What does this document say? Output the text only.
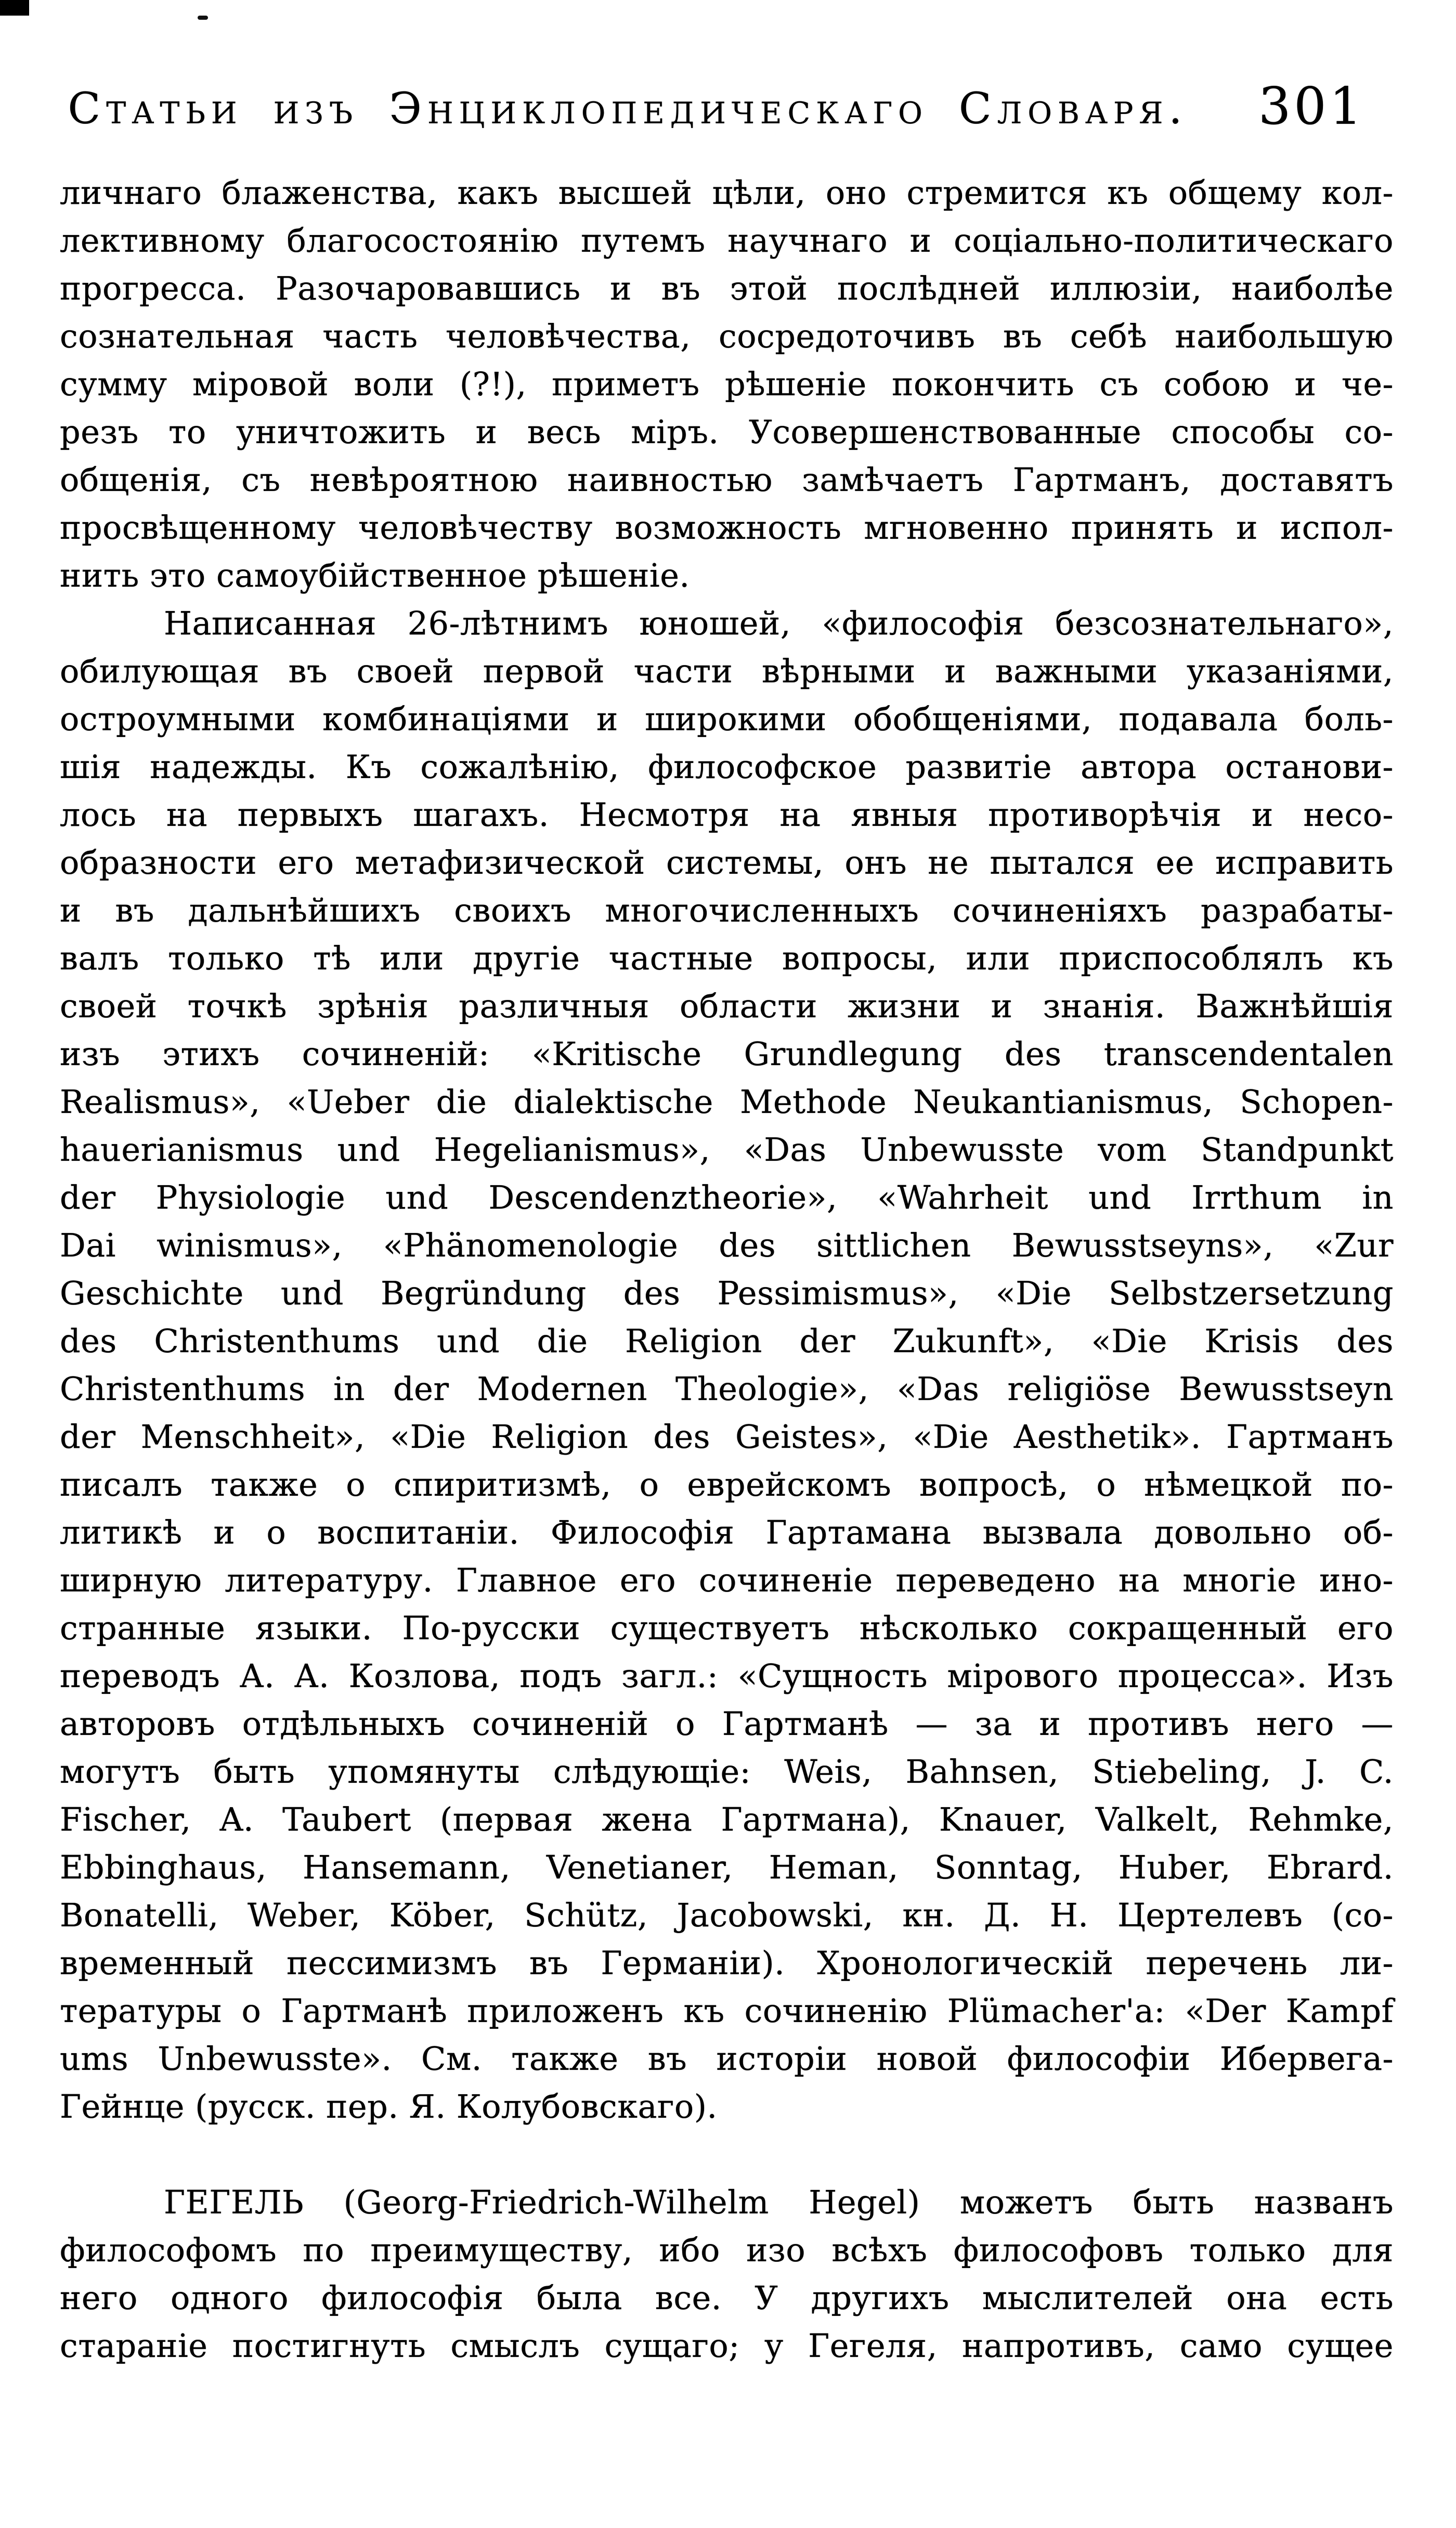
Статьи изъ Энциклопедическаго Словаря.	301
личнаго блаженства, какъ высшей цѣли, оно стремится къ общему кол-
лективному благосостоянію путемъ научнаго и соціально-политическаго
прогресса. Разочаровавшись и въ этой послѣдней иллюзіи, наиболѣе
сознательная часть человѣчества, сосредоточивъ въ себѣ наибольшую
сумму міровой воли (?!), приметъ рѣшеніе покончить съ собою и че-
резъ то уничтожить и весь міръ. Усовершенствованные способы со-
общенія, съ невѣроятною наивностью замѣчаетъ Гартманъ, доставятъ
просвѣщенному человѣчеству возможность мгновенно принять и испол-
нить это самоубійственное рѣшеніе.
Написанная 26-лѣтнимъ юношей, «философія безсознательнаго»,
обилующая въ своей первой части вѣрными и важными указаніями,
остроумными комбинаціями и широкими обобщеніями, подавала боль-
шія надежды. Къ сожалѣнію, философское развитіе автора останови-
лось на первыхъ шагахъ. Несмотря на явныя противорѣчія и несо-
образности его метафизической системы, онъ не пытался ее исправить
и въ дальнѣйшихъ своихъ многочисленныхъ сочиненіяхъ разрабаты-
валъ только тѣ или другіе частные вопросы, или приспособлялъ къ
своей точкѣ зрѣнія различныя области жизни и знанія. Важнѣйшія
изъ этихъ сочиненій: «Kritische Grundlegung des transcendentalen
Realismus», «Ueber die dialektische Methode Neukantianismus, Schopen-
hauerianismus und Hegelianismus», «Das Unbewusste vom Standpunkt
der Physiologie und Descendenztheorie», «Wahrheit und Irrthum in
Dai winismus», «Phänomenologie des sittlichen Bewusstseyns», «Zur
Geschichte und Begründung des Pessimismus», «Die Selbstzersetzung
des Christenthums und die Religion der Zukunft», «Die Krisis des
Christenthums in der Modernen Theologie», «Das religiöse Bewusstseyn
der Menschheit», «Die Religion des Geistes», «Die Aesthetik». Гартманъ
писалъ также о спиритизмѣ, о еврейскомъ вопросѣ, о нѣмецкой по-
литикѣ и о воспитаніи. Философія Гартамана вызвала довольно об-
ширную литературу. Главное его сочиненіе переведено на многіе ино-
странные языки. По-русски существуетъ нѣсколько сокращенный его
переводъ А. А. Козлова, подъ загл.: «Сущность мірового процесса». Изъ
авторовъ отдѣльныхъ сочиненій о Гартманѣ — за и противъ него —
могутъ быть упомянуты слѣдующіе: Weis, Bahnsen, Stiebeling, J. C.
Fischer, A. Taubert (первая жена Гартмана), Knauer, Valkelt, Rehmke,
Ebbinghaus, Hansemann, Venetianer, Heman, Sonntag, Huber, Ebrard.
Bonatelli, Weber, Köber, Schütz, Jacobowski, кн. Д. Н. Цертелевъ (со-
временный пессимизмъ въ Германіи). Хронологическій перечень ли-
тературы о Гартманѣ приложенъ къ сочиненію Plümacher'а: «Der Kampf
ums Unbewusste». См. также въ исторіи новой философіи Ибервега-
Гейнце (русск. пер. Я. Колубовскаго).
ГЕГЕЛЬ (Georg-Friedrich-Wilhelm Hegel) можетъ быть названъ
философомъ по преимуществу, ибо изо всѣхъ философовъ только для
него одного философія была все. У другихъ мыслителей она есть
стараніе постигнуть смыслъ сущаго; у Гегеля, напротивъ, само сущее
